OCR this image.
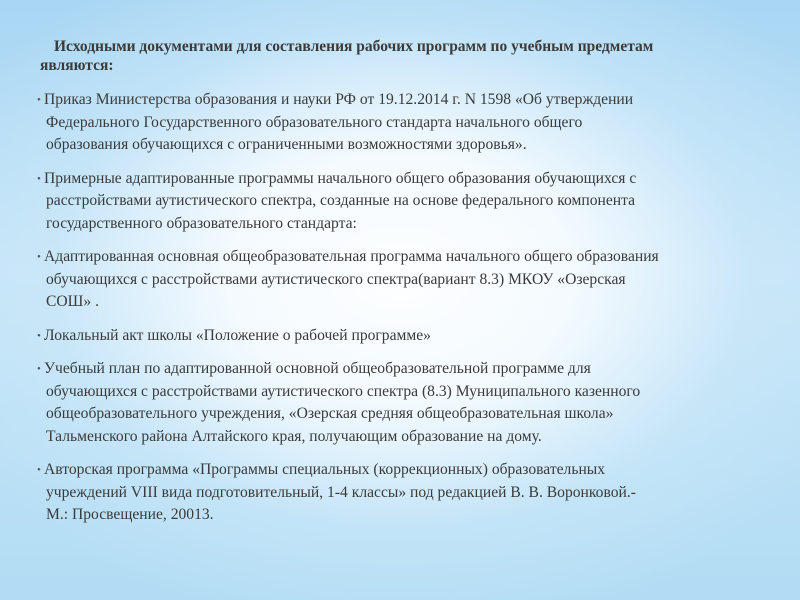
Исходными документами для составления рабочих программ по учебным предметам
являются:
• Приказ Министерства образования и науки РФ от 19.12.2014 г. N 1598 «Об утверждении
Федерального Государственного образовательного стандарта начального общего
образования обучающихся с ограниченными возможностями здоровья».
• Примерные адаптированные программы начального общего образования обучающихся с
расстройствами аутистического спектра, созданные на основе федерального компонента
государственного образовательного стандарта:
• Адаптированная основная общеобразовательная программа начального общего образования
обучающихся с расстройствами аутистического спектра(вариант 8.3) МКОУ «Озерская
СОШ» .
• Локальный акт школы «Положение о рабочей программе»
• Учебный план по адаптированной основной общеобразовательной программе для
обучающихся с расстройствами аутистического спектра (8.3) Муниципального казенного
общеобразовательного учреждения, «Озерская средняя общеобразовательная школа»
Тальменского района Алтайского края, получающим образование на дому.
• Авторская программа «Программы специальных (коррекционных) образовательных
учреждений VIII вида подготовительный, 1-4 классы» под редакцией В. В. Воронковой.-
М.: Просвещение, 20013.
